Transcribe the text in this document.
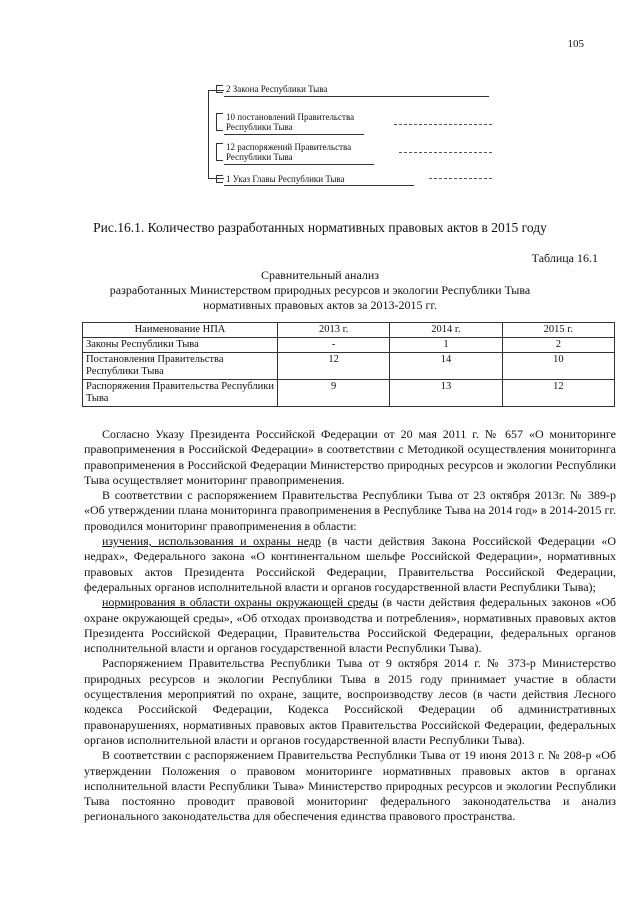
105
2 Закона Республики Тыва
10 постановлений Правительства Республики Тыва
12 распоряжений Правительства Республики Тыва
1 Указ Главы Республики Тыва
Рис.16.1. Количество разработанных нормативных правовых актов в 2015 году
Таблица 16.1
Сравнительный анализ
разработанных Министерством природных ресурсов и экологии Республики Тыва
нормативных правовых актов за 2013-2015 гг.
Наименование НПА	2013 г.	2014 г.	2015 г.
Законы Республики Тыва	-	1	2
Постановления Правительства Республики Тыва	12	14	10
Распоряжения Правительства Республики Тыва	9	13	12

Согласно Указу Президента Российской Федерации от 20 мая 2011 г. № 657 «О мониторинге правоприменения в Российской Федерации» в соответствии с Методикой осуществления мониторинга правоприменения в Российской Федерации Министерство природных ресурсов и экологии Республики Тыва осуществляет мониторинг правоприменения.

В соответствии с распоряжением Правительства Республики Тыва от 23 октября 2013г. № 389-р «Об утверждении плана мониторинга правоприменения в Республике Тыва на 2014 год» в 2014-2015 гг. проводился мониторинг правоприменения в области:

изучения, использования и охраны недр (в части действия Закона Российской Федерации «О недрах», Федерального закона «О континентальном шельфе Российской Федерации», нормативных правовых актов Президента Российской Федерации, Правительства Российской Федерации, федеральных органов исполнительной власти и органов государственной власти Республики Тыва);

нормирования в области охраны окружающей среды (в части действия федеральных законов «Об охране окружающей среды», «Об отходах производства и потребления», нормативных правовых актов Президента Российской Федерации, Правительства Российской Федерации, федеральных органов исполнительной власти и органов государственной власти Республики Тыва).

Распоряжением Правительства Республики Тыва от 9 октября 2014 г. № 373-р Министерство природных ресурсов и экологии Республики Тыва в 2015 году принимает участие в области осуществления мероприятий по охране, защите, воспроизводству лесов (в части действия Лесного кодекса Российской Федерации, Кодекса Российской Федерации об административных правонарушениях, нормативных правовых актов Правительства Российской Федерации, федеральных органов исполнительной власти и органов государственной власти Республики Тыва).

В соответствии с распоряжением Правительства Республики Тыва от 19 июня 2013 г. № 208-р «Об утверждении Положения о правовом мониторинге нормативных правовых актов в органах исполнительной власти Республики Тыва» Министерство природных ресурсов и экологии Республики Тыва постоянно проводит правовой мониторинг федерального законодательства и анализ регионального законодательства для обеспечения единства правового пространства.
